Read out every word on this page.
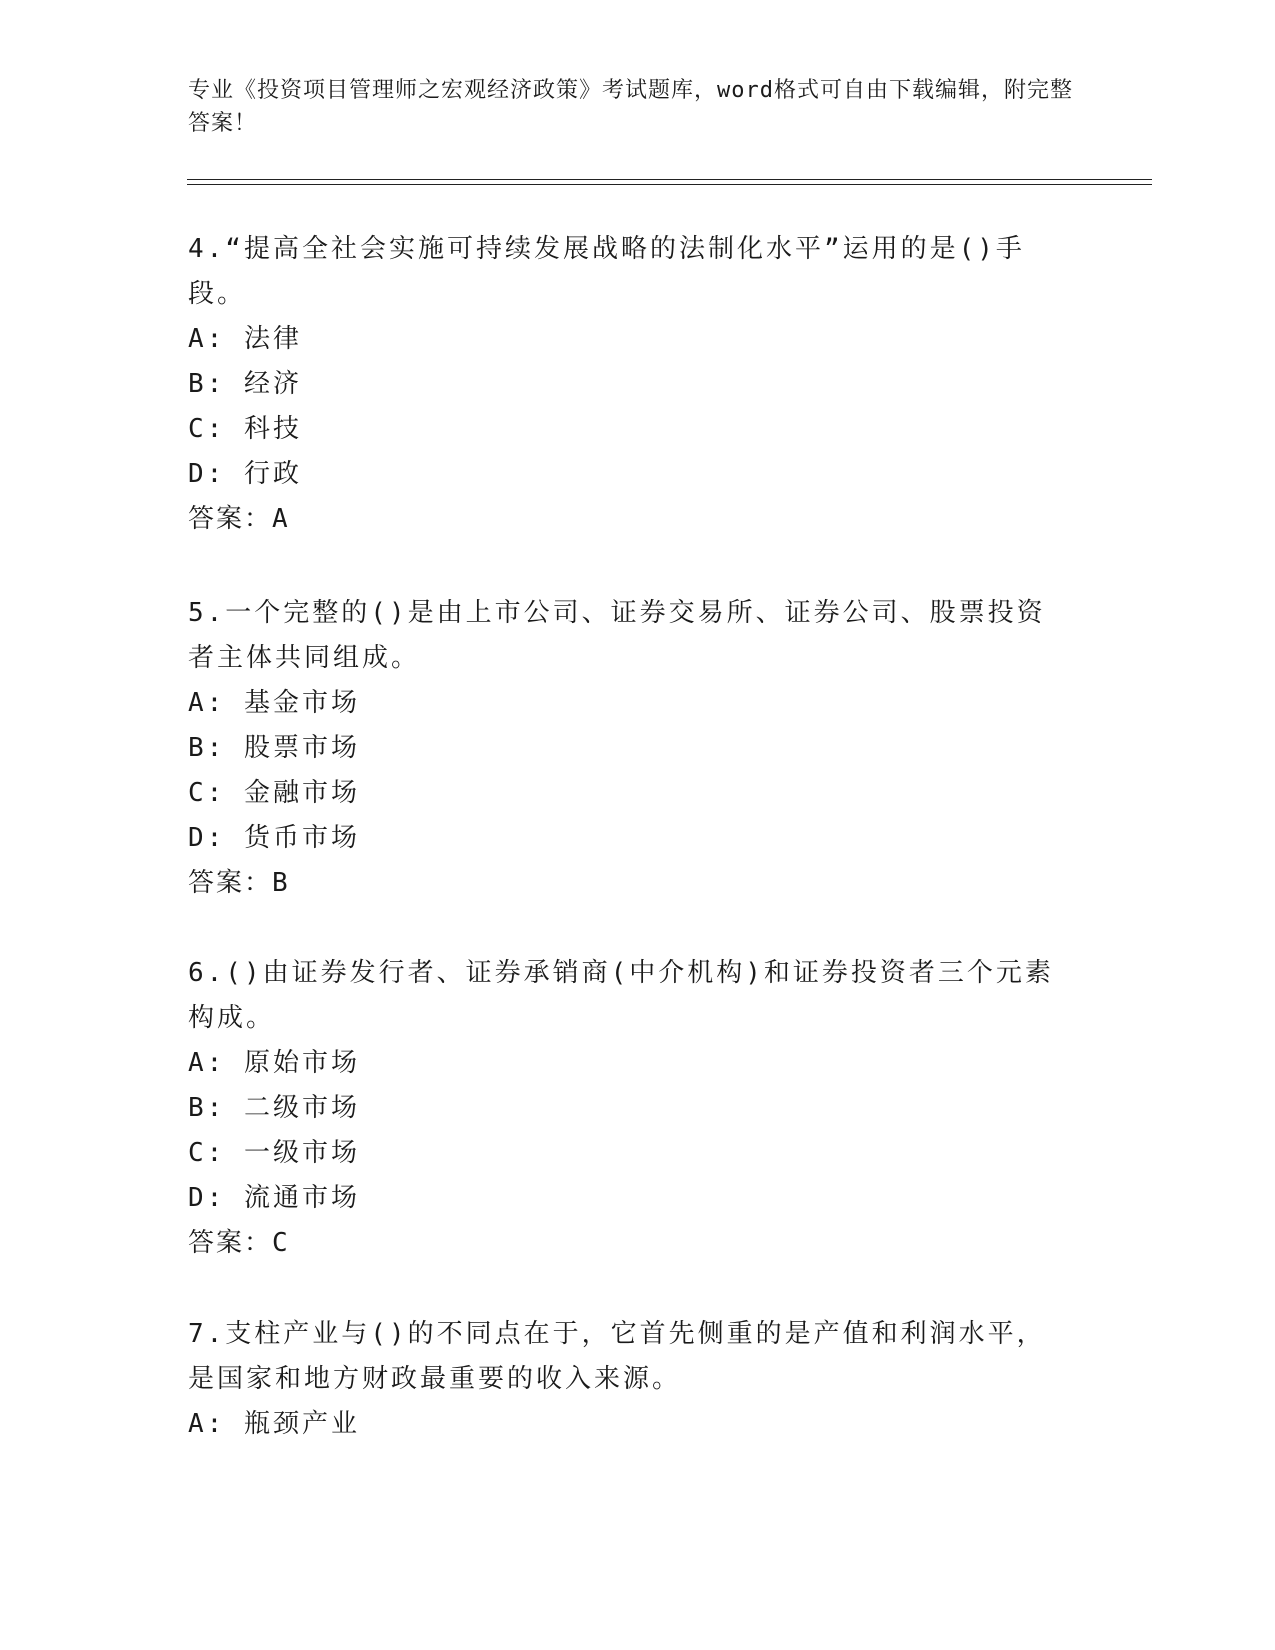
专业《投资项目管理师之宏观经济政策》考试题库，word格式可自由下载编辑，附完整答案！
4.“提高全社会实施可持续发展战略的法制化水平”运用的是()手段。
A: 法律
B: 经济
C: 科技
D: 行政
答案：A
5.一个完整的()是由上市公司、证券交易所、证券公司、股票投资者主体共同组成。
A: 基金市场
B: 股票市场
C: 金融市场
D: 货币市场
答案：B
6.()由证券发行者、证券承销商(中介机构)和证券投资者三个元素构成。
A: 原始市场
B: 二级市场
C: 一级市场
D: 流通市场
答案：C
7.支柱产业与()的不同点在于，它首先侧重的是产值和利润水平，是国家和地方财政最重要的收入来源。
A: 瓶颈产业
